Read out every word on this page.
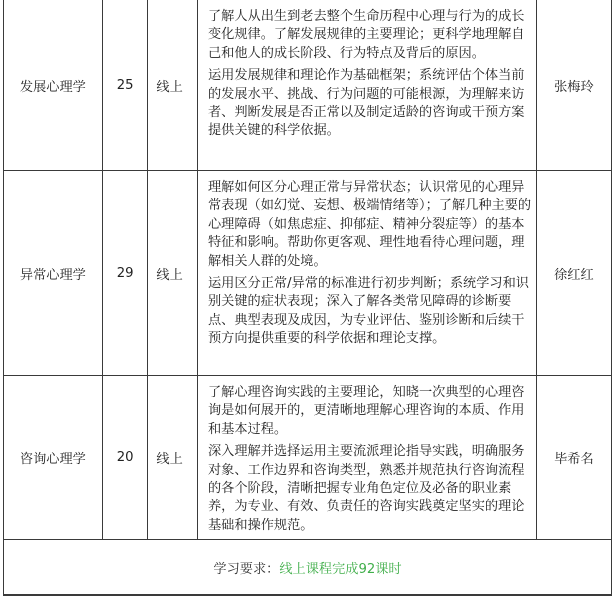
发展心理学	25	线上	了解人从出生到老去整个生命历程中心理与行为的成长变化规律。了解发展规律的主要理论；更科学地理解自己和他人的成长阶段、行为特点及背后的原因。

运用发展规律和理论作为基础框架；系统评估个体当前的发展水平、挑战、行为问题的可能根源，为理解来访者、判断发展是否正常以及制定适龄的咨询或干预方案提供关键的科学依据。	张梅玲
异常心理学	29	线上	理解如何区分心理正常与异常状态；认识常见的心理异常表现（如幻觉、妄想、极端情绪等）；了解几种主要的心理障碍（如焦虑症、抑郁症、精神分裂症等）的基本特征和影响。帮助你更客观、理性地看待心理问题，理解相关人群的处境。

运用区分正常/异常的标准进行初步判断；系统学习和识别关键的症状表现；深入了解各类常见障碍的诊断要点、典型表现及成因，为专业评估、鉴别诊断和后续干预方向提供重要的科学依据和理论支撑。	徐红红
咨询心理学	20	线上	了解心理咨询实践的主要理论，知晓一次典型的心理咨询是如何展开的，更清晰地理解心理咨询的本质、作用和基本过程。

深入理解并选择运用主要流派理论指导实践，明确服务对象、工作边界和咨询类型，熟悉并规范执行咨询流程的各个阶段，清晰把握专业角色定位及必备的职业素养，为专业、有效、负责任的咨询实践奠定坚实的理论基础和操作规范。	毕希名
学习要求：线上课程完成92课时				
